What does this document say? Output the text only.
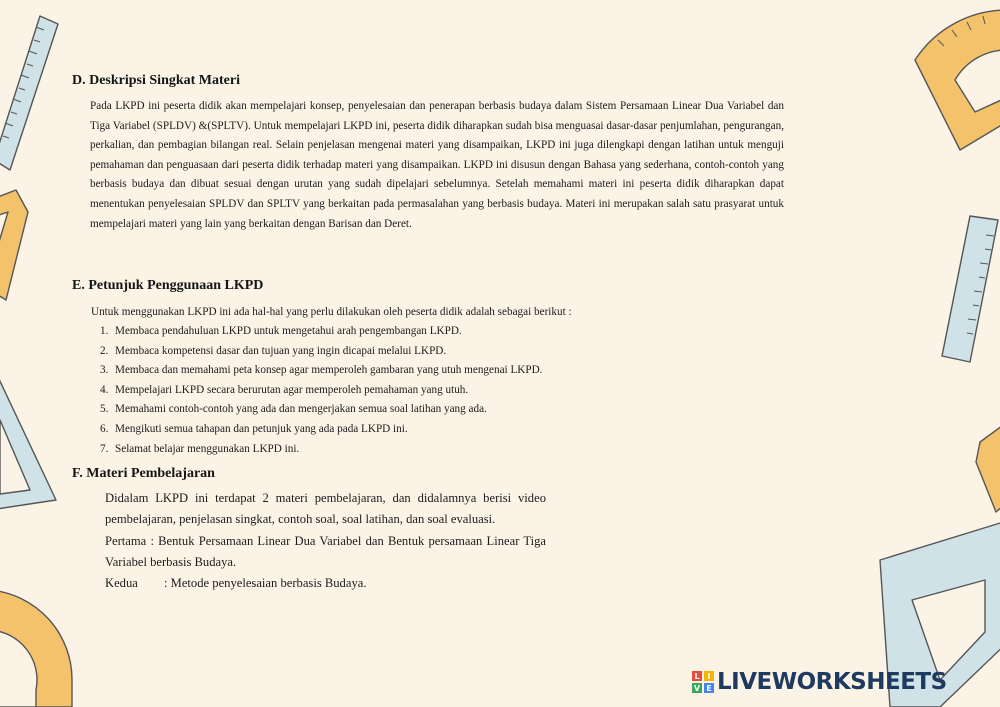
D. Deskripsi Singkat Materi

Pada LKPD ini peserta didik akan mempelajari konsep, penyelesaian dan penerapan berbasis budaya dalam Sistem Persamaan Linear Dua Variabel dan Tiga Variabel (SPLDV) &(SPLTV). Untuk mempelajari LKPD ini, peserta didik diharapkan sudah bisa menguasai dasar-dasar penjumlahan, pengurangan, perkalian, dan pembagian bilangan real. Selain penjelasan mengenai materi yang disampaikan, LKPD ini juga dilengkapi dengan latihan untuk menguji pemahaman dan penguasaan dari peserta didik terhadap materi yang disampaikan. LKPD ini disusun dengan Bahasa yang sederhana, contoh-contoh yang berbasis budaya dan dibuat sesuai dengan urutan yang sudah dipelajari sebelumnya. Setelah memahami materi ini peserta didik diharapkan dapat menentukan penyelesaian SPLDV dan SPLTV yang berkaitan pada permasalahan yang berbasis budaya. Materi ini merupakan salah satu prasyarat untuk mempelajari materi yang lain yang berkaitan dengan Barisan dan Deret.

E. Petunjuk Penggunaan LKPD

Untuk menggunakan LKPD ini ada hal-hal yang perlu dilakukan oleh peserta didik adalah sebagai berikut :

1. Membaca pendahuluan LKPD untuk mengetahui arah pengembangan LKPD.
2. Membaca kompetensi dasar dan tujuan yang ingin dicapai melalui LKPD.
3. Membaca dan memahami peta konsep agar memperoleh gambaran yang utuh mengenai LKPD.
4. Mempelajari LKPD secara berurutan agar memperoleh pemahaman yang utuh.
5. Memahami contoh-contoh yang ada dan mengerjakan semua soal latihan yang ada.
6. Mengikuti semua tahapan dan petunjuk yang ada pada LKPD ini.
7. Selamat belajar menggunakan LKPD ini.
F. Materi Pembelajaran

Didalam LKPD ini terdapat 2 materi pembelajaran, dan didalamnya berisi video pembelajaran, penjelasan singkat, contoh soal, soal latihan, dan soal evaluasi.

Pertama : Bentuk Persamaan Linear Dua Variabel dan Bentuk persamaan Linear Tiga Variabel berbasis Budaya.

Kedua : Metode penyelesaian berbasis Budaya.
L I
V E LIVEWORKSHEETS
